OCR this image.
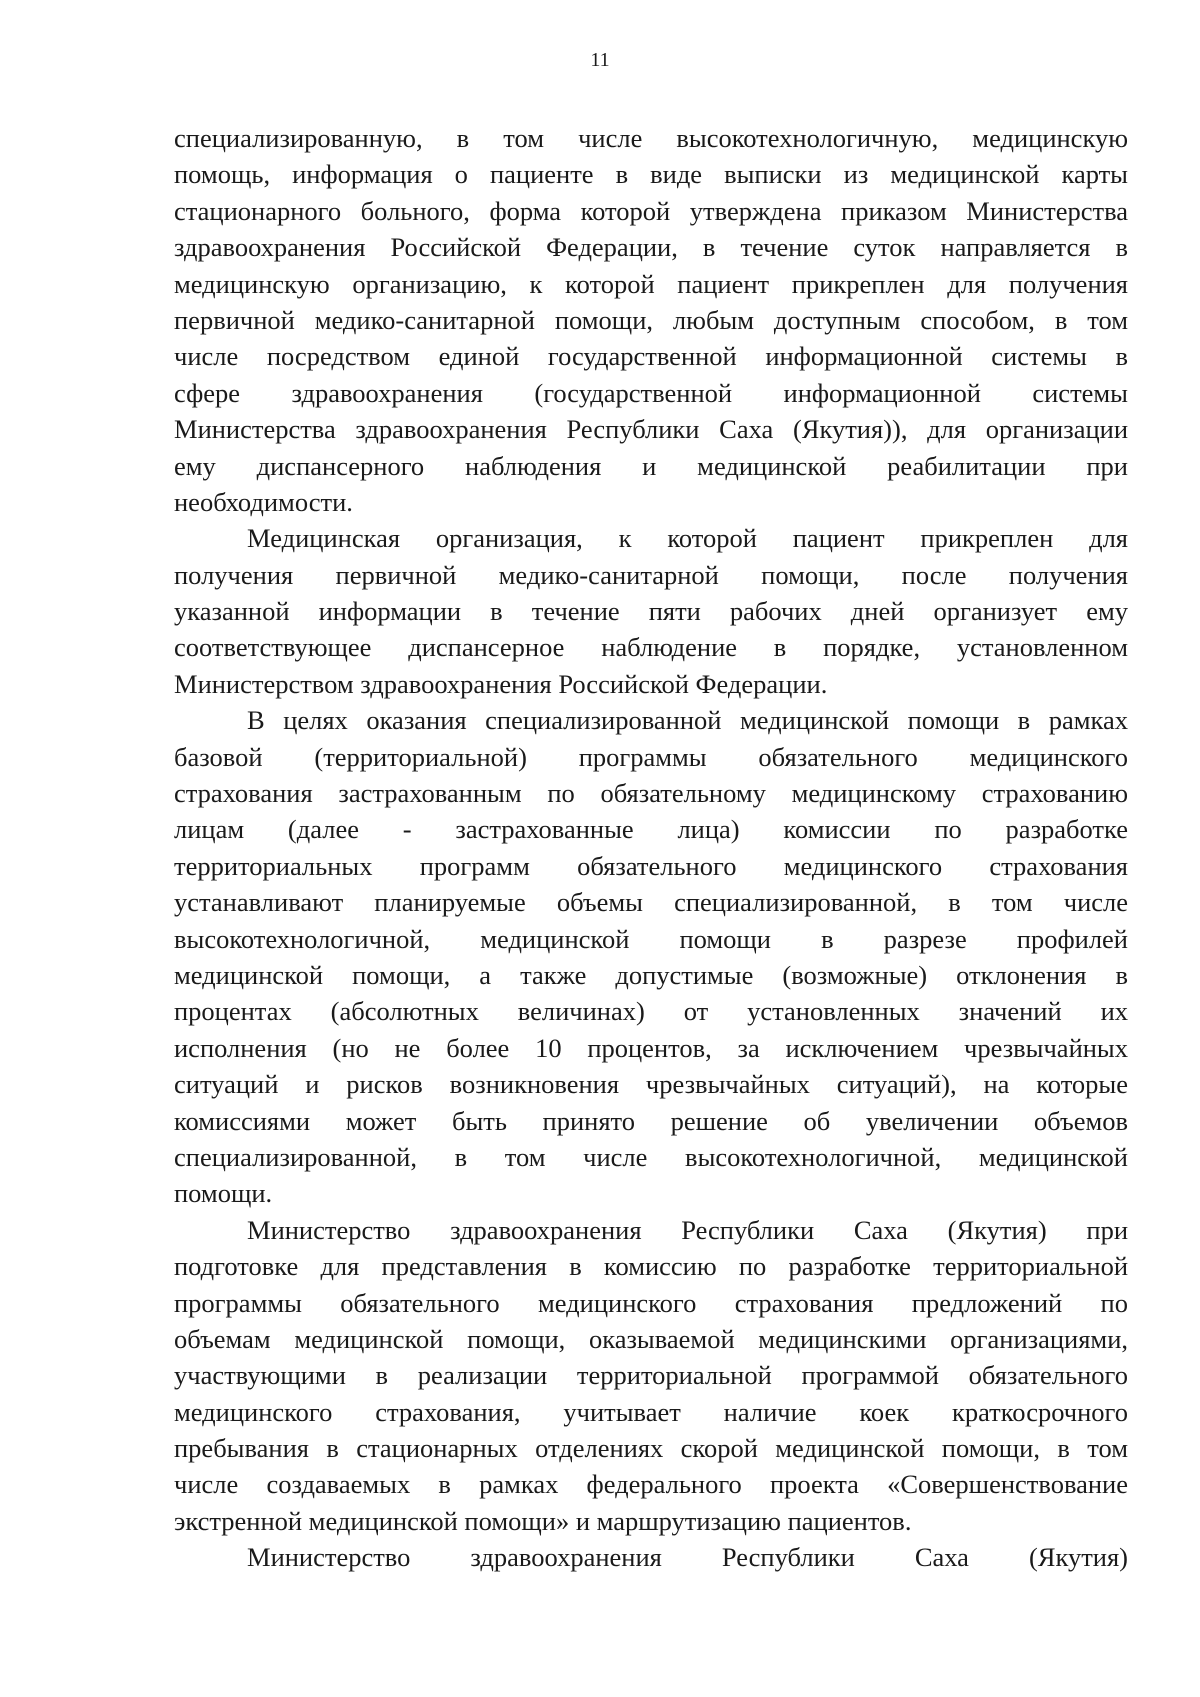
11
специализированную, в том числе высокотехнологичную, медицинскую
помощь, информация о пациенте в виде выписки из медицинской карты
стационарного больного, форма которой утверждена приказом Министерства
здравоохранения Российской Федерации, в течение суток направляется в
медицинскую организацию, к которой пациент прикреплен для получения
первичной медико-санитарной помощи, любым доступным способом, в том
числе посредством единой государственной информационной системы в
сфере здравоохранения (государственной информационной системы
Министерства здравоохранения Республики Саха (Якутия)), для организации
ему диспансерного наблюдения и медицинской реабилитации при
необходимости.
Медицинская организация, к которой пациент прикреплен для
получения первичной медико-санитарной помощи, после получения
указанной информации в течение пяти рабочих дней организует ему
соответствующее диспансерное наблюдение в порядке, установленном
Министерством здравоохранения Российской Федерации.
В целях оказания специализированной медицинской помощи в рамках
базовой (территориальной) программы обязательного медицинского
страхования застрахованным по обязательному медицинскому страхованию
лицам (далее - застрахованные лица) комиссии по разработке
территориальных программ обязательного медицинского страхования
устанавливают планируемые объемы специализированной, в том числе
высокотехнологичной, медицинской помощи в разрезе профилей
медицинской помощи, а также допустимые (возможные) отклонения в
процентах (абсолютных величинах) от установленных значений их
исполнения (но не более 10 процентов, за исключением чрезвычайных
ситуаций и рисков возникновения чрезвычайных ситуаций), на которые
комиссиями может быть принято решение об увеличении объемов
специализированной, в том числе высокотехнологичной, медицинской
помощи.
Министерство здравоохранения Республики Саха (Якутия) при
подготовке для представления в комиссию по разработке территориальной
программы обязательного медицинского страхования предложений по
объемам медицинской помощи, оказываемой медицинскими организациями,
участвующими в реализации территориальной программой обязательного
медицинского страхования, учитывает наличие коек краткосрочного
пребывания в стационарных отделениях скорой медицинской помощи, в том
числе создаваемых в рамках федерального проекта «Совершенствование
экстренной медицинской помощи» и маршрутизацию пациентов.
Министерство здравоохранения Республики Саха (Якутия)
